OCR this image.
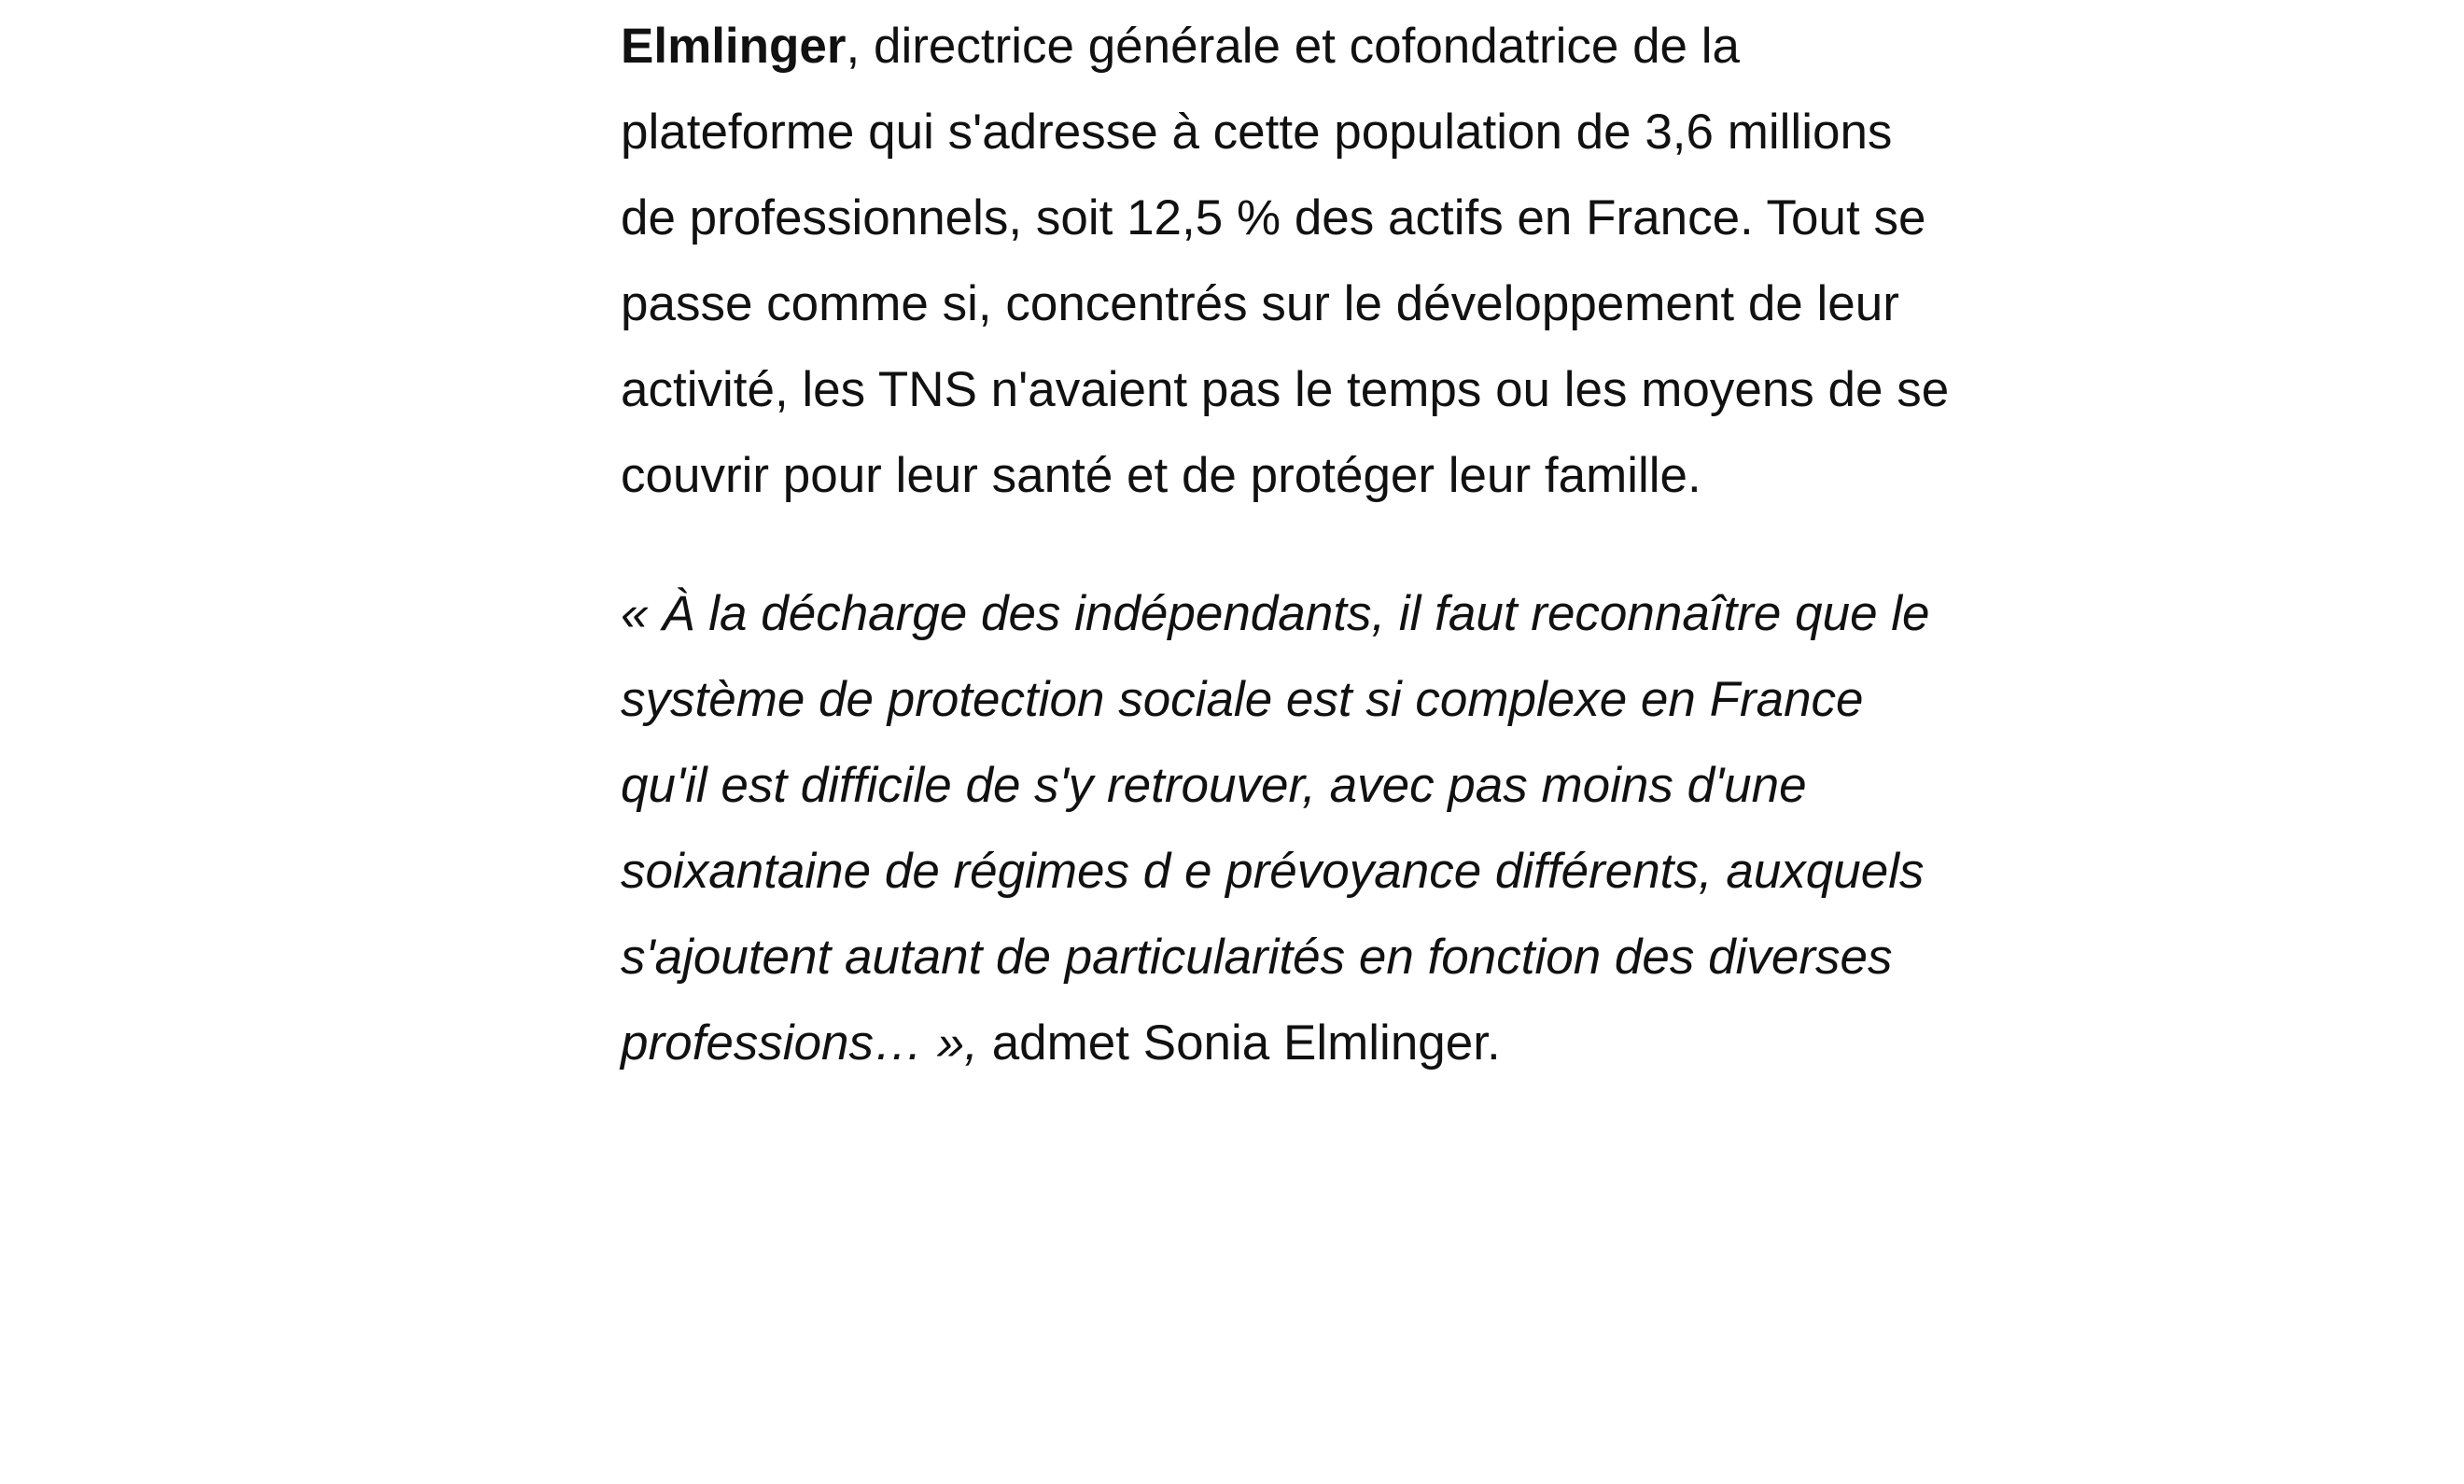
Elmlinger, directrice générale et cofondatrice de la plateforme qui s'adresse à cette population de 3,6 millions de professionnels, soit 12,5 % des actifs en France. Tout se passe comme si, concentrés sur le développement de leur activité, les TNS n'avaient pas le temps ou les moyens de se couvrir pour leur santé et de protéger leur famille.

« À la décharge des indépendants, il faut reconnaître que le système de protection sociale est si complexe en France qu'il est difficile de s'y retrouver, avec pas moins d'une soixantaine de régimes d e prévoyance différents, auxquels s'ajoutent autant de particularités en fonction des diverses professions… », admet Sonia Elmlinger.
